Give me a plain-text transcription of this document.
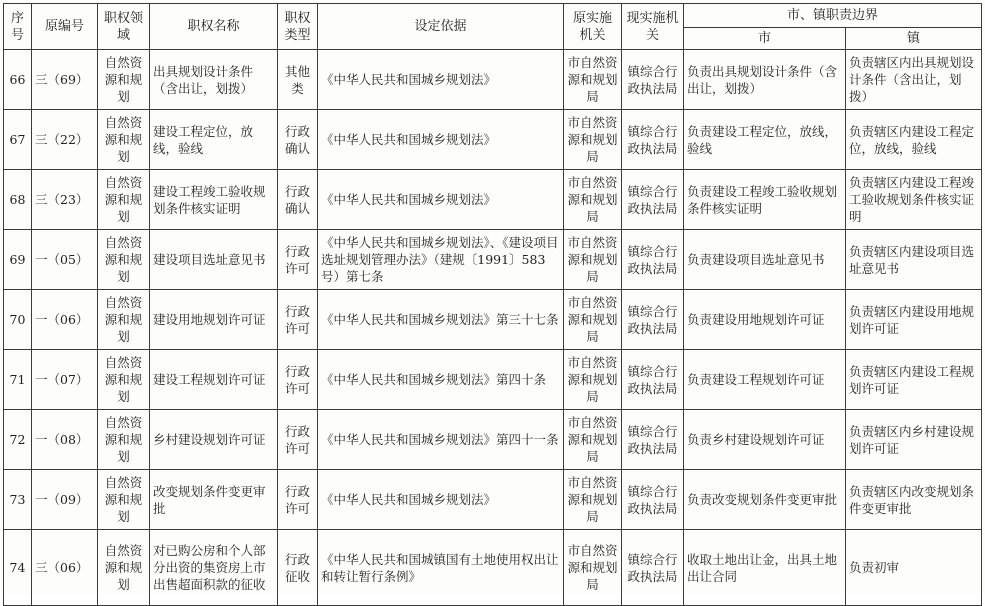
序号	原编号	职权领域	职权名称	职权类型	设定依据	原实施机关	现实施机关	市、镇职责边界	
								市	镇
66	三（69）	自然资源和规划	出具规划设计条件（含出让，划拨）	其他类	《中华人民共和国城乡规划法》	市自然资源和规划局	镇综合行政执法局	负责出具规划设计条件（含出让，划拨）	负责辖区内出具规划设计条件（含出让，划拨）
67	三（22）	自然资源和规划	建设工程定位，放线，验线	行政确认	《中华人民共和国城乡规划法》	市自然资源和规划局	镇综合行政执法局	负责建设工程定位，放线，验线	负责辖区内建设工程定位，放线，验线
68	三（23）	自然资源和规划	建设工程竣工验收规划条件核实证明	行政确认	《中华人民共和国城乡规划法》	市自然资源和规划局	镇综合行政执法局	负责建设工程竣工验收规划条件核实证明	负责辖区内建设工程竣工验收规划条件核实证明
69	一（05）	自然资源和规划	建设项目选址意见书	行政许可	《中华人民共和国城乡规划法》、《建设项目选址规划管理办法》（建规〔1991〕583号）第七条	市自然资源和规划局	镇综合行政执法局	负责建设项目选址意见书	负责辖区内建设项目选址意见书
70	一（06）	自然资源和规划	建设用地规划许可证	行政许可	《中华人民共和国城乡规划法》第三十七条	市自然资源和规划局	镇综合行政执法局	负责建设用地规划许可证	负责辖区内建设用地规划许可证
71	一（07）	自然资源和规划	建设工程规划许可证	行政许可	《中华人民共和国城乡规划法》第四十条	市自然资源和规划局	镇综合行政执法局	负责建设工程规划许可证	负责辖区内建设工程规划许可证
72	一（08）	自然资源和规划	乡村建设规划许可证	行政许可	《中华人民共和国城乡规划法》第四十一条	市自然资源和规划局	镇综合行政执法局	负责乡村建设规划许可证	负责辖区内乡村建设规划许可证
73	一（09）	自然资源和规划	改变规划条件变更审批	行政许可	《中华人民共和国城乡规划法》	市自然资源和规划局	镇综合行政执法局	负责改变规划条件变更审批	负责辖区内改变规划条件变更审批
74	三（06）	自然资源和规划	对已购公房和个人部分出资的集资房上市出售超面积款的征收	行政征收	《中华人民共和国城镇国有土地使用权出让和转让暂行条例》	市自然资源和规划局	镇综合行政执法局	收取土地出让金，出具土地出让合同	负责初审
